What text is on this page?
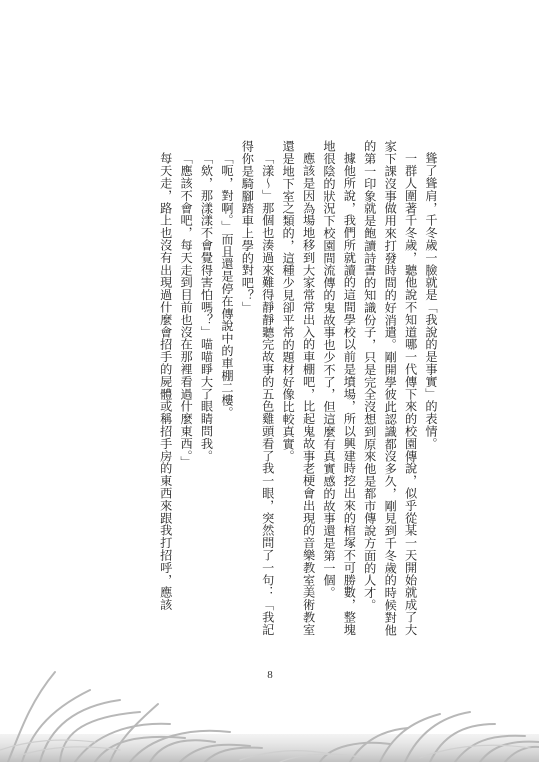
聳了聳肩，千冬歲一臉就是「我說的是事實」的表情。

一群人圍著千冬歲，聽他說不知道哪一代傳下來的校園傳說，似乎從某一天開始就成了大家下課沒事做用來打發時間的好消遣。剛開學彼此認識都沒多久，剛見到千冬歲的時候對他的第一印象就是飽讀詩書的知識份子，只是完全沒想到原來他是都市傳說方面的人才。

據他所說，我們所就讀的這間學校以前是墳場，所以興建時挖出來的棺塚不可勝數，整塊地很陰的狀況下校園間流傳的鬼故事也少不了，但這麼有真實感的故事還是第一個。

應該是因為場地移到大家常常出入的車棚吧，比起鬼故事老梗會出現的音樂教室美術教室還是地下室之類的，這種少見卻平常的題材好像比較真實。

「漾～」那個也湊過來難得靜靜聽完故事的五色雞頭看了我一眼，突然問了一句：「我記得你是騎腳踏車上學的對吧？」

「呃，對啊。」而且還是停在傳說中的車棚二樓。

「欸，那漾漾不會覺得害怕嗎？」喵喵睜大了眼睛問我。

「應該不會吧，每天走到目前也沒在那裡看過什麼東西。」

每天走，路上也沒有出現過什麼會招手的屍體或稱招手房的東西來跟我打招呼，應該

8
